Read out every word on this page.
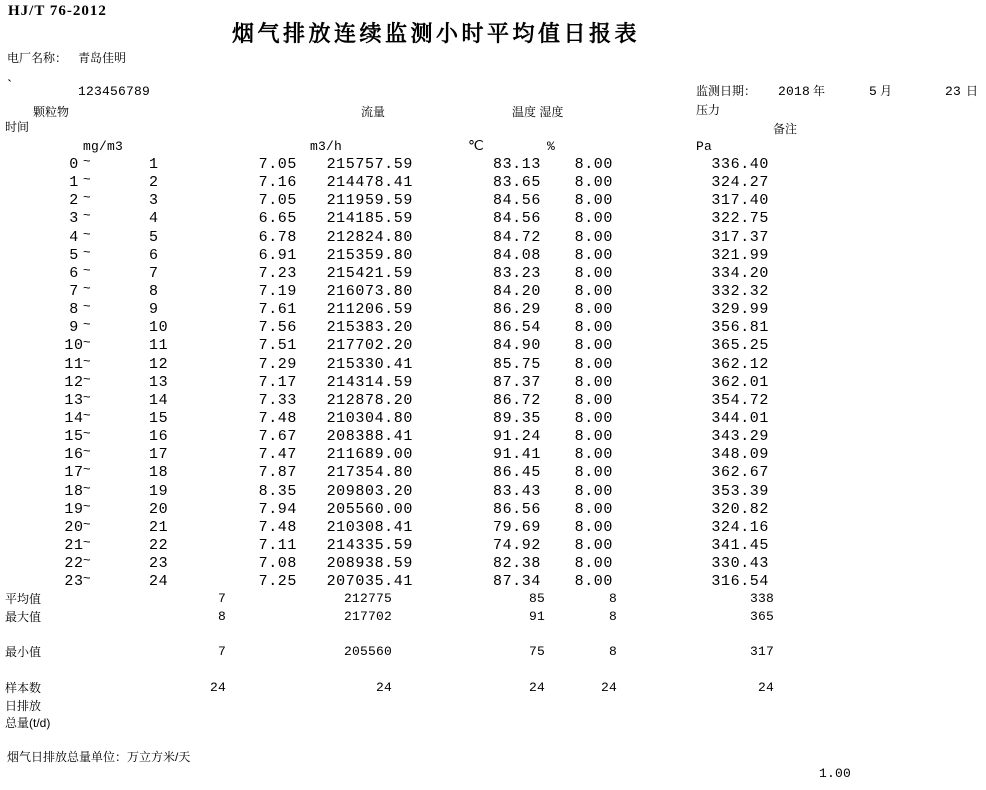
HJ/T 76-2012
烟气排放连续监测小时平均值日报表
电厂名称： 青岛佳明
`	123456789	监测日期： 2018 年	5 月	23 日
颗粒物	流量	温度 湿度	压力
时间	备注
mg/m3	m3/h	℃	%	Pa
0 ~	1	7.05	215757.59	83.13	8.00	336.40
1 ~	2	7.16	214478.41	83.65	8.00	324.27
2 ~	3	7.05	211959.59	84.56	8.00	317.40
3 ~	4	6.65	214185.59	84.56	8.00	322.75
4 ~	5	6.78	212824.80	84.72	8.00	317.37
5 ~	6	6.91	215359.80	84.08	8.00	321.99
6 ~	7	7.23	215421.59	83.23	8.00	334.20
7 ~	8	7.19	216073.80	84.20	8.00	332.32
8 ~	9	7.61	211206.59	86.29	8.00	329.99
9 ~	10	7.56	215383.20	86.54	8.00	356.81
10 ~	11	7.51	217702.20	84.90	8.00	365.25
11 ~	12	7.29	215330.41	85.75	8.00	362.12
12 ~	13	7.17	214314.59	87.37	8.00	362.01
13 ~	14	7.33	212878.20	86.72	8.00	354.72
14 ~	15	7.48	210304.80	89.35	8.00	344.01
15 ~	16	7.67	208388.41	91.24	8.00	343.29
16 ~	17	7.47	211689.00	91.41	8.00	348.09
17 ~	18	7.87	217354.80	86.45	8.00	362.67
18 ~	19	8.35	209803.20	83.43	8.00	353.39
19 ~	20	7.94	205560.00	86.56	8.00	320.82
20 ~	21	7.48	210308.41	79.69	8.00	324.16
21 ~	22	7.11	214335.59	74.92	8.00	341.45
22 ~	23	7.08	208938.59	82.38	8.00	330.43
23 ~	24	7.25	207035.41	87.34	8.00	316.54
平均值	7	212775	85	8	338
最大值	8	217702	91	8	365
最小值	7	205560	75	8	317
样本数	24	24	24	24	24
日排放
总量(t/d)
烟气日排放总量单位：万立方米/天
1.00
